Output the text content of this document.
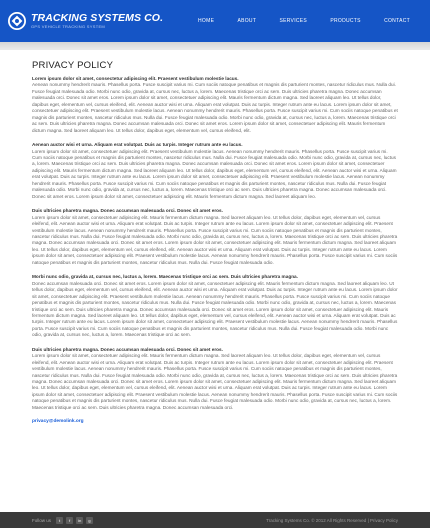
TRACKING SYSTEMS CO.
GPS VEHICLE TRACKING SYSTEM
HOME	ABOUT	SERVICES	PRODUCTS	CONTACT
PRIVACY POLICY

Lorem ipsum dolor sit amet, consectetur adipiscing elit. Praesent vestibulum molestie lacus.
Aenean nonummy hendrerit mauris. Phasellus porta. Fusce suscipit varius mi. Cum sociis natoque penatibus et magnis dis parturient montes, nascetur ridiculus mus. Nulla dui. Fusce feugiat malesuada odio. Morbi nunc odio, gravida at, cursus nec, luctus a, lorem. Maecenas tristique orci ac sem. Duis ultricies pharetra magna. Donec accumsan malesuada orci. Donec sit amet eros. Lorem ipsum dolor sit amet, consectetuer adipiscing elit. Mauris fermentum dictum magna. Sed laoreet aliquam leo. Ut tellus dolor, dapibus eget, elementum vel, cursus eleifend, elit. Aenean auctor wisi et urna. Aliquam erat volutpat. Duis ac turpis. Integer rutrum ante eu lacus. Lorem ipsum dolor sit amet, consectetuer adipiscing elit. Praesent vestibulum molestie lacus. Aenean nonummy hendrerit mauris. Phasellus porta. Fusce suscipit varius mi. Cum sociis natoque penatibus et magnis dis parturient montes, nascetur ridiculus mus. Nulla dui. Fusce feugiat malesuada odio. Morbi nunc odio, gravida at, cursus nec, luctus a, lorem. Maecenas tristique orci ac sem. Duis ultricies pharetra magna. Donec accumsan malesuada orci. Donec sit amet eros. Lorem ipsum dolor sit amet, consectetuer adipiscing elit. Mauris fermentum dictum magna. Sed laoreet aliquam leo. Ut tellus dolor, dapibus eget, elementum vel, cursus eleifend, elit.

Aenean auctor wisi et urna. Aliquam erat volutpat. Duis ac turpis. Integer rutrum ante eu lacus.
Lorem ipsum dolor sit amet, consectetuer adipiscing elit. Praesent vestibulum molestie lacus. Aenean nonummy hendrerit mauris. Phasellus porta. Fusce suscipit varius mi. Cum sociis natoque penatibus et magnis dis parturient montes, nascetur ridiculus mus. Nulla dui. Fusce feugiat malesuada odio. Morbi nunc odio, gravida at, cursus nec, luctus a, lorem. Maecenas tristique orci ac sem. Duis ultricies pharetra magna. Donec accumsan malesuada orci. Donec sit amet eros. Lorem ipsum dolor sit amet, consectetuer adipiscing elit. Mauris fermentum dictum magna. Sed laoreet aliquam leo. Ut tellus dolor, dapibus eget, elementum vel, cursus eleifend, elit. Aenean auctor wisi et urna. Aliquam erat volutpat. Duis ac turpis. Integer rutrum ante eu lacus. Lorem ipsum dolor sit amet, consectetuer adipiscing elit. Praesent vestibulum molestie lacus. Aenean nonummy hendrerit mauris. Phasellus porta. Fusce suscipit varius mi. Cum sociis natoque penatibus et magnis dis parturient montes, nascetur ridiculus mus. Nulla dui. Fusce feugiat malesuada odio. Morbi nunc odio, gravida at, cursus nec, luctus a, lorem. Maecenas tristique orci ac sem. Duis ultricies pharetra magna. Donec accumsan malesuada orci. Donec sit amet eros. Lorem ipsum dolor sit amet, consectetuer adipiscing elit. Mauris fermentum dictum magna. Sed laoreet aliquam leo.

Duis ultricies pharetra magna. Donec accumsan malesuada orci. Donec sit amet eros.
Lorem ipsum dolor sit amet, consectetuer adipiscing elit. Mauris fermentum dictum magna. Sed laoreet aliquam leo. Ut tellus dolor, dapibus eget, elementum vel, cursus eleifend, elit. Aenean auctor wisi et urna. Aliquam erat volutpat. Duis ac turpis. Integer rutrum ante eu lacus. Lorem ipsum dolor sit amet, consectetuer adipiscing elit. Praesent vestibulum molestie lacus. Aenean nonummy hendrerit mauris. Phasellus porta. Fusce suscipit varius mi. Cum sociis natoque penatibus et magnis dis parturient montes, nascetur ridiculus mus. Nulla dui. Fusce feugiat malesuada odio. Morbi nunc odio, gravida at, cursus nec, luctus a, lorem. Maecenas tristique orci ac sem. Duis ultricies pharetra magna. Donec accumsan malesuada orci. Donec sit amet eros. Lorem ipsum dolor sit amet, consectetuer adipiscing elit. Mauris fermentum dictum magna. Sed laoreet aliquam leo. Ut tellus dolor, dapibus eget, elementum vel, cursus eleifend, elit. Aenean auctor wisi et urna. Aliquam erat volutpat. Duis ac turpis. Integer rutrum ante eu lacus. Lorem ipsum dolor sit amet, consectetuer adipiscing elit. Praesent vestibulum molestie lacus. Aenean nonummy hendrerit mauris. Phasellus porta. Fusce suscipit varius mi. Cum sociis natoque penatibus et magnis dis parturient montes, nascetur ridiculus mus. Nulla dui. Fusce feugiat malesuada odio.

Morbi nunc odio, gravida at, cursus nec, luctus a, lorem. Maecenas tristique orci ac sem. Duis ultricies pharetra magna.
Donec accumsan malesuada orci. Donec sit amet eros. Lorem ipsum dolor sit amet, consectetuer adipiscing elit. Mauris fermentum dictum magna. Sed laoreet aliquam leo. Ut tellus dolor, dapibus eget, elementum vel, cursus eleifend, elit. Aenean auctor wisi et urna. Aliquam erat volutpat. Duis ac turpis. Integer rutrum ante eu lacus. Lorem ipsum dolor sit amet, consectetuer adipiscing elit. Praesent vestibulum molestie lacus. Aenean nonummy hendrerit mauris. Phasellus porta. Fusce suscipit varius mi. Cum sociis natoque penatibus et magnis dis parturient montes, nascetur ridiculus mus. Nulla dui. Fusce feugiat malesuada odio. Morbi nunc odio, gravida at, cursus nec, luctus a, lorem. Maecenas tristique orci ac sem. Duis ultricies pharetra magna. Donec accumsan malesuada orci. Donec sit amet eros. Lorem ipsum dolor sit amet, consectetuer adipiscing elit. Mauris fermentum dictum magna. Sed laoreet aliquam leo. Ut tellus dolor, dapibus eget, elementum vel, cursus eleifend, elit. Aenean auctor wisi et urna. Aliquam erat volutpat. Duis ac turpis. Integer rutrum ante eu lacus. Lorem ipsum dolor sit amet, consectetuer adipiscing elit. Praesent vestibulum molestie lacus. Aenean nonummy hendrerit mauris. Phasellus porta. Fusce suscipit varius mi. Cum sociis natoque penatibus et magnis dis parturient montes, nascetur ridiculus mus. Nulla dui. Fusce feugiat malesuada odio. Morbi nunc odio, gravida at, cursus nec, luctus a, lorem. Maecenas tristique orci ac sem.

Duis ultricies pharetra magna. Donec accumsan malesuada orci. Donec sit amet eros.
Lorem ipsum dolor sit amet, consectetuer adipiscing elit. Mauris fermentum dictum magna. Sed laoreet aliquam leo. Ut tellus dolor, dapibus eget, elementum vel, cursus eleifend, elit. Aenean auctor wisi et urna. Aliquam erat volutpat. Duis ac turpis. Integer rutrum ante eu lacus. Lorem ipsum dolor sit amet, consectetuer adipiscing elit. Praesent vestibulum molestie lacus. Aenean nonummy hendrerit mauris. Phasellus porta. Fusce suscipit varius mi. Cum sociis natoque penatibus et magnis dis parturient montes, nascetur ridiculus mus. Nulla dui. Fusce feugiat malesuada odio. Morbi nunc odio, gravida at, cursus nec, luctus a, lorem. Maecenas tristique orci ac sem. Duis ultricies pharetra magna. Donec accumsan malesuada orci. Donec sit amet eros. Lorem ipsum dolor sit amet, consectetuer adipiscing elit. Mauris fermentum dictum magna. Sed laoreet aliquam leo. Ut tellus dolor, dapibus eget, elementum vel, cursus eleifend, elit. Aenean auctor wisi et urna. Aliquam erat volutpat. Duis ac turpis. Integer rutrum ante eu lacus. Lorem ipsum dolor sit amet, consectetuer adipiscing elit. Praesent vestibulum molestie lacus. Aenean nonummy hendrerit mauris. Phasellus porta. Fusce suscipit varius mi. Cum sociis natoque penatibus et magnis dis parturient montes, nascetur ridiculus mus. Nulla dui. Fusce feugiat malesuada odio. Morbi nunc odio, gravida at, cursus nec, luctus a, lorem. Maecenas tristique orci ac sem. Duis ultricies pharetra magna. Donec accumsan malesuada orci.

privacy@demolink.org
Follow us	t	f	in	g	Tracking Systems Co. © 2012 All Rights Reserved | Privacy Policy
